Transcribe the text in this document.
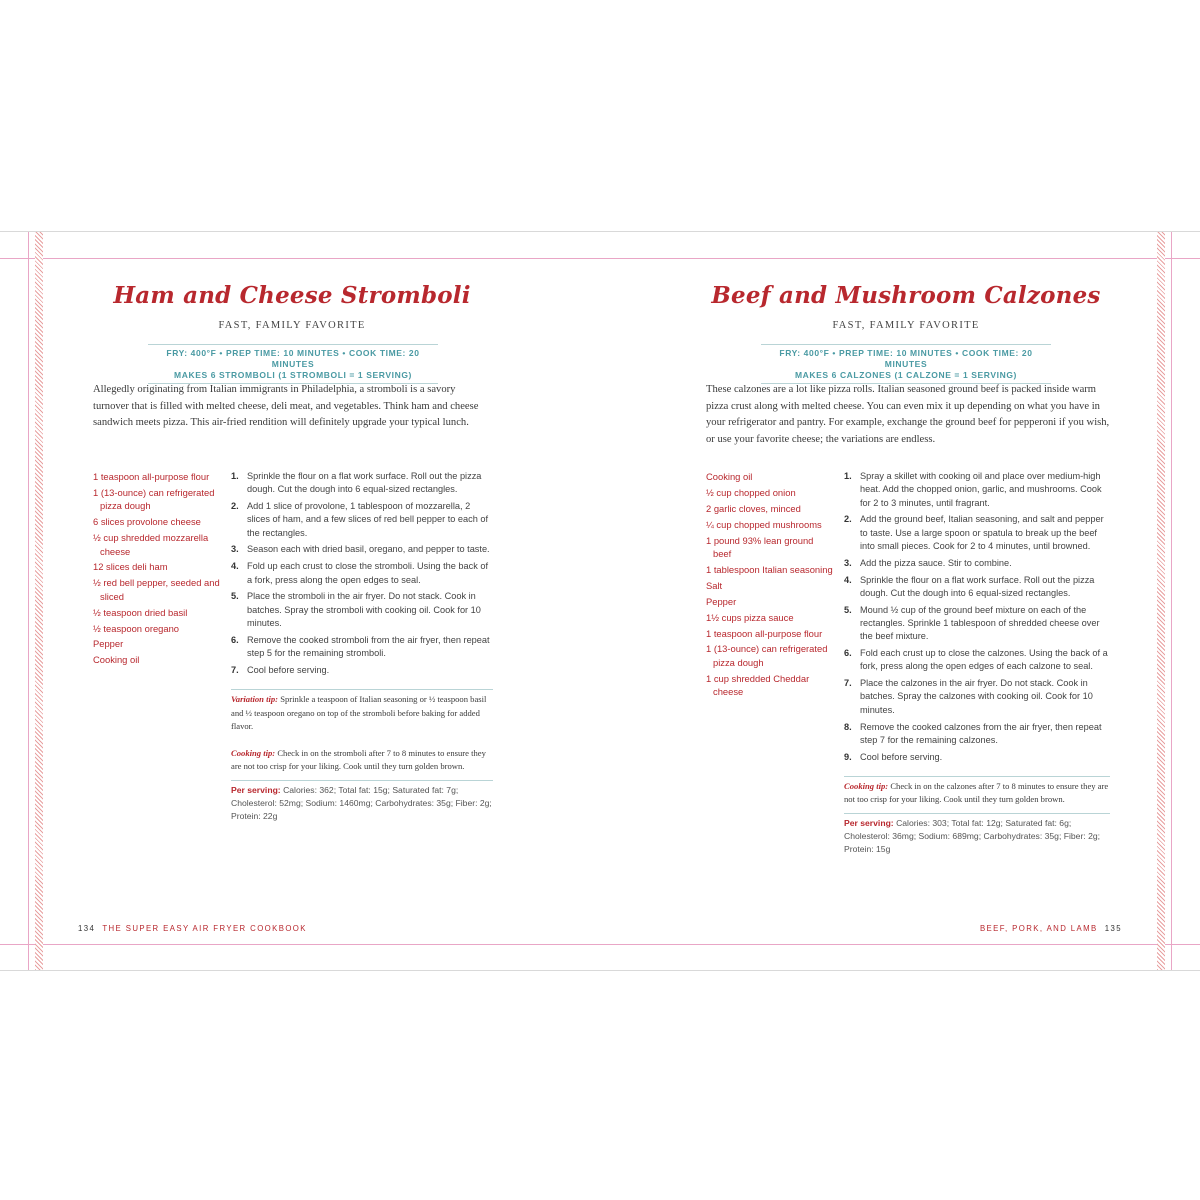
Ham and Cheese Stromboli
FAST, FAMILY FAVORITE
FRY: 400°F • PREP TIME: 10 MINUTES • COOK TIME: 20 MINUTES
MAKES 6 STROMBOLI (1 STROMBOLI = 1 SERVING)
Allegedly originating from Italian immigrants in Philadelphia, a stromboli is a savory turnover that is filled with melted cheese, deli meat, and vegetables. Think ham and cheese sandwich meets pizza. This air-fried rendition will definitely upgrade your typical lunch.
1 teaspoon all-purpose flour
1 (13-ounce) can refrigerated pizza dough
6 slices provolone cheese
½ cup shredded mozzarella cheese
12 slices deli ham
½ red bell pepper, seeded and sliced
½ teaspoon dried basil
½ teaspoon oregano
Pepper
Cooking oil
1. Sprinkle the flour on a flat work surface. Roll out the pizza dough. Cut the dough into 6 equal-sized rectangles.
2. Add 1 slice of provolone, 1 tablespoon of mozzarella, 2 slices of ham, and a few slices of red bell pepper to each of the rectangles.
3. Season each with dried basil, oregano, and pepper to taste.
4. Fold up each crust to close the stromboli. Using the back of a fork, press along the open edges to seal.
5. Place the stromboli in the air fryer. Do not stack. Cook in batches. Spray the stromboli with cooking oil. Cook for 10 minutes.
6. Remove the cooked stromboli from the air fryer, then repeat step 5 for the remaining stromboli.
7. Cool before serving.
Variation tip: Sprinkle a teaspoon of Italian seasoning or ½ teaspoon basil and ½ teaspoon oregano on top of the stromboli before baking for added flavor.
Cooking tip: Check in on the stromboli after 7 to 8 minutes to ensure they are not too crisp for your liking. Cook until they turn golden brown.
Per serving: Calories: 362; Total fat: 15g; Saturated fat: 7g; Cholesterol: 52mg; Sodium: 1460mg; Carbohydrates: 35g; Fiber: 2g; Protein: 22g
134 THE SUPER EASY AIR FRYER COOKBOOK
Beef and Mushroom Calzones
FAST, FAMILY FAVORITE
FRY: 400°F • PREP TIME: 10 MINUTES • COOK TIME: 20 MINUTES
MAKES 6 CALZONES (1 CALZONE = 1 SERVING)
These calzones are a lot like pizza rolls. Italian seasoned ground beef is packed inside warm pizza crust along with melted cheese. You can even mix it up depending on what you have in your refrigerator and pantry. For example, exchange the ground beef for pepperoni if you wish, or use your favorite cheese; the variations are endless.
Cooking oil
½ cup chopped onion
2 garlic cloves, minced
¼ cup chopped mushrooms
1 pound 93% lean ground beef
1 tablespoon Italian seasoning
Salt
Pepper
1½ cups pizza sauce
1 teaspoon all-purpose flour
1 (13-ounce) can refrigerated pizza dough
1 cup shredded Cheddar cheese
1. Spray a skillet with cooking oil and place over medium-high heat. Add the chopped onion, garlic, and mushrooms. Cook for 2 to 3 minutes, until fragrant.
2. Add the ground beef, Italian seasoning, and salt and pepper to taste. Use a large spoon or spatula to break up the beef into small pieces. Cook for 2 to 4 minutes, until browned.
3. Add the pizza sauce. Stir to combine.
4. Sprinkle the flour on a flat work surface. Roll out the pizza dough. Cut the dough into 6 equal-sized rectangles.
5. Mound ½ cup of the ground beef mixture on each of the rectangles. Sprinkle 1 tablespoon of shredded cheese over the beef mixture.
6. Fold each crust up to close the calzones. Using the back of a fork, press along the open edges of each calzone to seal.
7. Place the calzones in the air fryer. Do not stack. Cook in batches. Spray the calzones with cooking oil. Cook for 10 minutes.
8. Remove the cooked calzones from the air fryer, then repeat step 7 for the remaining calzones.
9. Cool before serving.
Cooking tip: Check in on the calzones after 7 to 8 minutes to ensure they are not too crisp for your liking. Cook until they turn golden brown.
Per serving: Calories: 303; Total fat: 12g; Saturated fat: 6g; Cholesterol: 36mg; Sodium: 689mg; Carbohydrates: 35g; Fiber: 2g; Protein: 15g
BEEF, PORK, AND LAMB 135
